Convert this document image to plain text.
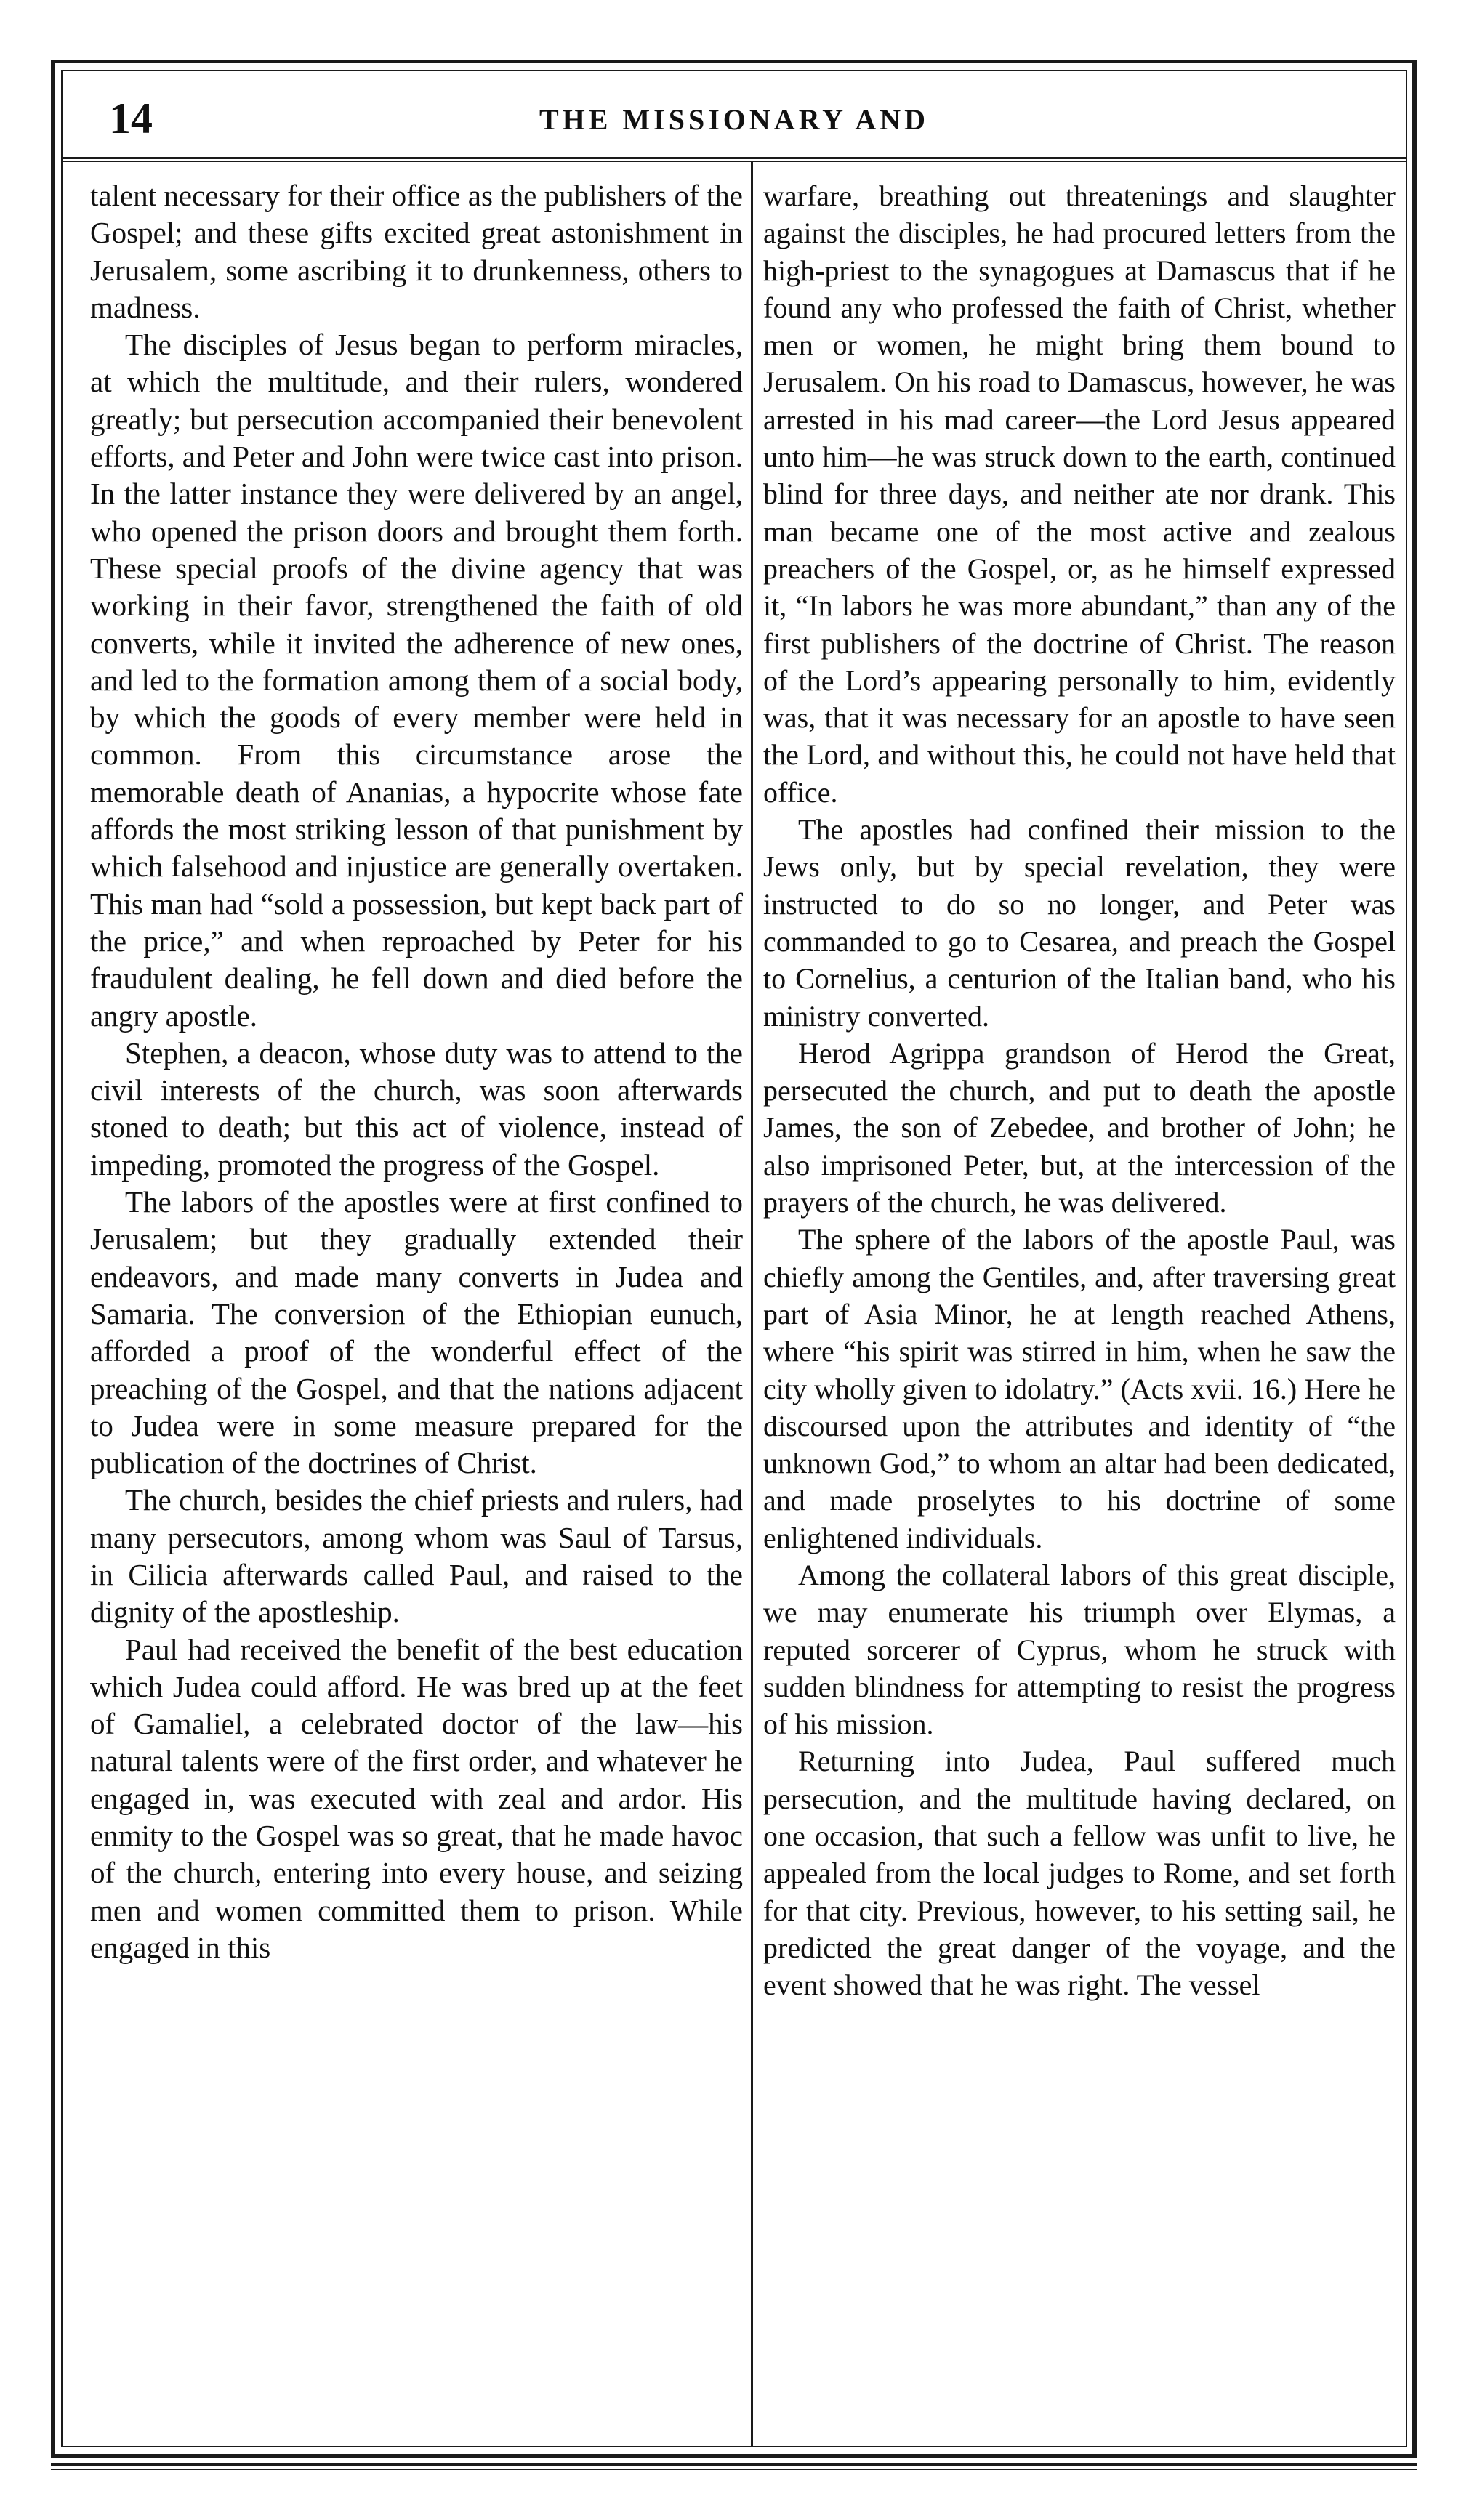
14	THE MISSIONARY AND

talent necessary for their office as the publishers of the Gospel; and these gifts excited great astonishment in Jerusalem, some ascribing it to drunkenness, others to madness.

The disciples of Jesus began to perform miracles, at which the multitude, and their rulers, wondered greatly; but persecution accompanied their benevolent efforts, and Peter and John were twice cast into prison. In the latter instance they were delivered by an angel, who opened the prison doors and brought them forth. These special proofs of the divine agency that was working in their favor, strengthened the faith of old converts, while it invited the adherence of new ones, and led to the formation among them of a social body, by which the goods of every member were held in common. From this circumstance arose the memorable death of Ananias, a hypocrite whose fate affords the most striking lesson of that punishment by which falsehood and injustice are generally overtaken. This man had “sold a possession, but kept back part of the price,” and when reproached by Peter for his fraudulent dealing, he fell down and died before the angry apostle.

Stephen, a deacon, whose duty was to attend to the civil interests of the church, was soon afterwards stoned to death; but this act of violence, instead of impeding, promoted the progress of the Gospel.

The labors of the apostles were at first confined to Jerusalem; but they gradually extended their endeavors, and made many converts in Judea and Samaria. The conversion of the Ethiopian eunuch, afforded a proof of the wonderful effect of the preaching of the Gospel, and that the nations adjacent to Judea were in some measure prepared for the publication of the doctrines of Christ.

The church, besides the chief priests and rulers, had many persecutors, among whom was Saul of Tarsus, in Cilicia afterwards called Paul, and raised to the dignity of the apostleship.

Paul had received the benefit of the best education which Judea could afford. He was bred up at the feet of Gamaliel, a celebrated doctor of the law—his natural talents were of the first order, and whatever he engaged in, was executed with zeal and ardor. His enmity to the Gospel was so great, that he made havoc of the church, entering into every house, and seizing men and women committed them to prison. While engaged in this

warfare, breathing out threatenings and slaughter against the disciples, he had procured letters from the high-priest to the synagogues at Damascus that if he found any who professed the faith of Christ, whether men or women, he might bring them bound to Jerusalem. On his road to Damascus, however, he was arrested in his mad career—the Lord Jesus appeared unto him—he was struck down to the earth, continued blind for three days, and neither ate nor drank. This man became one of the most active and zealous preachers of the Gospel, or, as he himself expressed it, “In labors he was more abundant,” than any of the first publishers of the doctrine of Christ. The reason of the Lord’s appearing personally to him, evidently was, that it was necessary for an apostle to have seen the Lord, and without this, he could not have held that office.

The apostles had confined their mission to the Jews only, but by special revelation, they were instructed to do so no longer, and Peter was commanded to go to Cesarea, and preach the Gospel to Cornelius, a centurion of the Italian band, who his ministry converted.

Herod Agrippa grandson of Herod the Great, persecuted the church, and put to death the apostle James, the son of Zebedee, and brother of John; he also imprisoned Peter, but, at the intercession of the prayers of the church, he was delivered.

The sphere of the labors of the apostle Paul, was chiefly among the Gentiles, and, after traversing great part of Asia Minor, he at length reached Athens, where “his spirit was stirred in him, when he saw the city wholly given to idolatry.” (Acts xvii. 16.) Here he discoursed upon the attributes and identity of “the unknown God,” to whom an altar had been dedicated, and made proselytes to his doctrine of some enlightened individuals.

Among the collateral labors of this great disciple, we may enumerate his triumph over Elymas, a reputed sorcerer of Cyprus, whom he struck with sudden blindness for attempting to resist the progress of his mission.

Returning into Judea, Paul suffered much persecution, and the multitude having declared, on one occasion, that such a fellow was unfit to live, he appealed from the local judges to Rome, and set forth for that city. Previous, however, to his setting sail, he predicted the great danger of the voyage, and the event showed that he was right. The vessel
